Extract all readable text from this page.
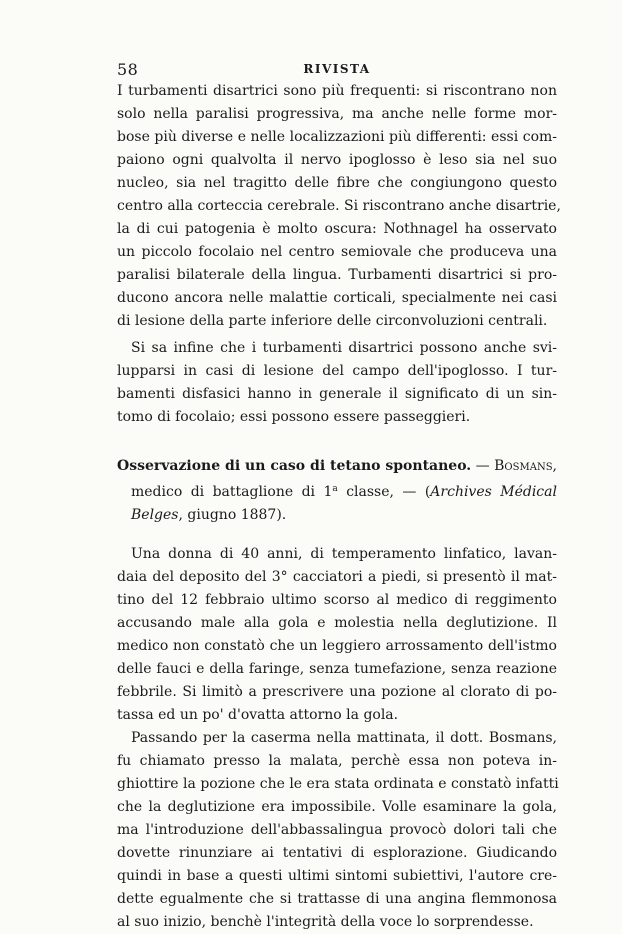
58	RIVISTA
I turbamenti disartrici sono più frequenti: si riscontrano non
solo nella paralisi progressiva, ma anche nelle forme mor-
bose più diverse e nelle localizzazioni più differenti: essi com-
paiono ogni qualvolta il nervo ipoglosso è leso sia nel suo
nucleo, sia nel tragitto delle fibre che congiungono questo
centro alla corteccia cerebrale. Si riscontrano anche disartrie,
la di cui patogenia è molto oscura: Nothnagel ha osservato
un piccolo focolaio nel centro semiovale che produceva una
paralisi bilaterale della lingua. Turbamenti disartrici si pro-
ducono ancora nelle malattie corticali, specialmente nei casi
di lesione della parte inferiore delle circonvoluzioni centrali.
Si sa infine che i turbamenti disartrici possono anche svi-
lupparsi in casi di lesione del campo dell'ipoglosso. I tur-
bamenti disfasici hanno in generale il significato di un sin-
tomo di focolaio; essi possono essere passeggieri.
Osservazione di un caso di tetano spontaneo. — Bosmans,
medico di battaglione di 1$^a$ classe, — (Archives Médical
Belges, giugno 1887).
Una donna di 40 anni, di temperamento linfatico, lavan-
daia del deposito del 3° cacciatori a piedi, si presentò il mat-
tino del 12 febbraio ultimo scorso al medico di reggimento
accusando male alla gola e molestia nella deglutizione. Il
medico non constatò che un leggiero arrossamento dell'istmo
delle fauci e della faringe, senza tumefazione, senza reazione
febbrile. Si limitò a prescrivere una pozione al clorato di po-
tassa ed un po' d'ovatta attorno la gola.
Passando per la caserma nella mattinata, il dott. Bosmans,
fu chiamato presso la malata, perchè essa non poteva in-
ghiottire la pozione che le era stata ordinata e constatò infatti
che la deglutizione era impossibile. Volle esaminare la gola,
ma l'introduzione dell'abbassalingua provocò dolori tali che
dovette rinunziare ai tentativi di esplorazione. Giudicando
quindi in base a questi ultimi sintomi subiettivi, l'autore cre-
dette egualmente che si trattasse di una angina flemmonosa
al suo inizio, benchè l'integrità della voce lo sorprendesse.
